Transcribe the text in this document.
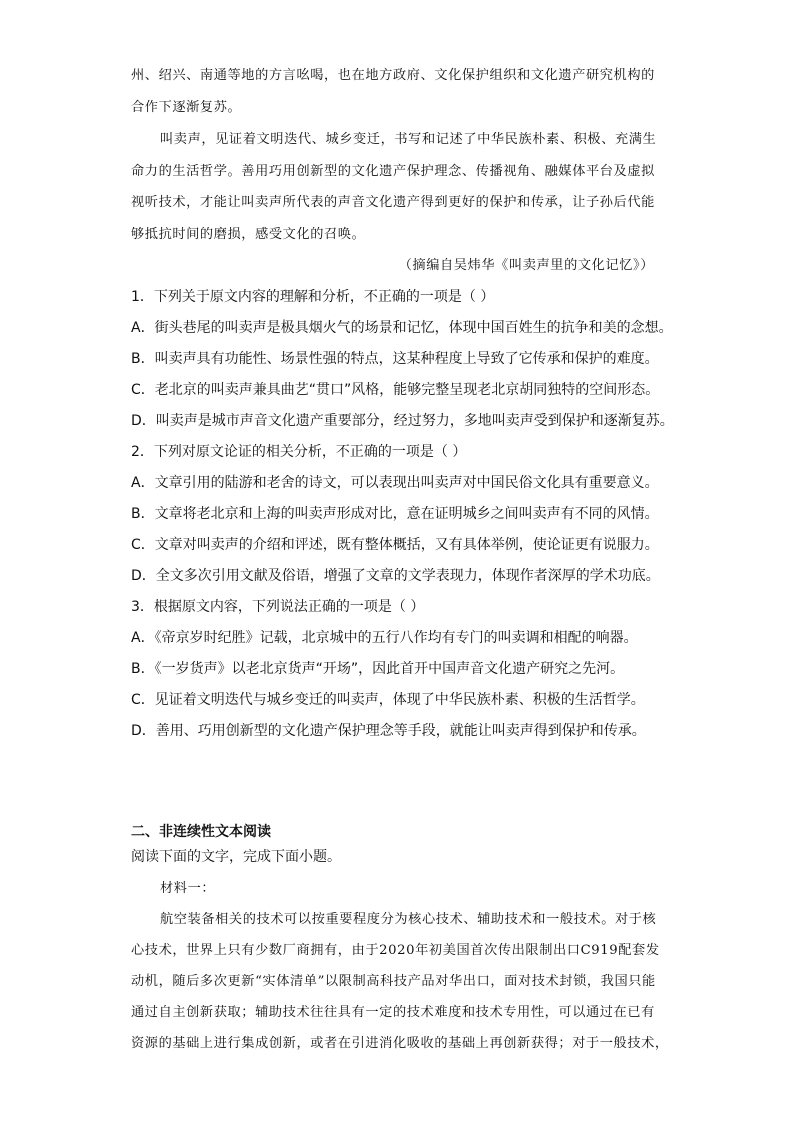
州、绍兴、南通等地的方言吆喝，也在地方政府、文化保护组织和文化遗产研究机构的
合作下逐渐复苏。
叫卖声，见证着文明迭代、城乡变迁，书写和记述了中华民族朴素、积极、充满生
命力的生活哲学。善用巧用创新型的文化遗产保护理念、传播视角、融媒体平台及虚拟
视听技术，才能让叫卖声所代表的声音文化遗产得到更好的保护和传承，让子孙后代能
够抵抗时间的磨损，感受文化的召唤。
（摘编自吴炜华《叫卖声里的文化记忆》）
1．下列关于原文内容的理解和分析，不正确的一项是（ ）
A．街头巷尾的叫卖声是极具烟火气的场景和记忆，体现中国百姓生的抗争和美的念想。
B．叫卖声具有功能性、场景性强的特点，这某种程度上导致了它传承和保护的难度。
C．老北京的叫卖声兼具曲艺“贯口”风格，能够完整呈现老北京胡同独特的空间形态。
D．叫卖声是城市声音文化遗产重要部分，经过努力，多地叫卖声受到保护和逐渐复苏。
2．下列对原文论证的相关分析，不正确的一项是（ ）
A．文章引用的陆游和老舍的诗文，可以表现出叫卖声对中国民俗文化具有重要意义。
B．文章将老北京和上海的叫卖声形成对比，意在证明城乡之间叫卖声有不同的风情。
C．文章对叫卖声的介绍和评述，既有整体概括，又有具体举例，使论证更有说服力。
D．全文多次引用文献及俗语，增强了文章的文学表现力，体现作者深厚的学术功底。
3．根据原文内容，下列说法正确的一项是（ ）
A．《帝京岁时纪胜》记载，北京城中的五行八作均有专门的叫卖调和相配的响器。
B．《一岁货声》以老北京货声“开场”，因此首开中国声音文化遗产研究之先河。
C．见证着文明迭代与城乡变迁的叫卖声，体现了中华民族朴素、积极的生活哲学。
D．善用、巧用创新型的文化遗产保护理念等手段，就能让叫卖声得到保护和传承。
二、非连续性文本阅读
阅读下面的文字，完成下面小题。
材料一：
航空装备相关的技术可以按重要程度分为核心技术、辅助技术和一般技术。对于核
心技术，世界上只有少数厂商拥有，由于2020年初美国首次传出限制出口C919配套发
动机，随后多次更新“实体清单”以限制高科技产品对华出口，面对技术封锁，我国只能
通过自主创新获取；辅助技术往往具有一定的技术难度和技术专用性，可以通过在已有
资源的基础上进行集成创新，或者在引进消化吸收的基础上再创新获得；对于一般技术，
